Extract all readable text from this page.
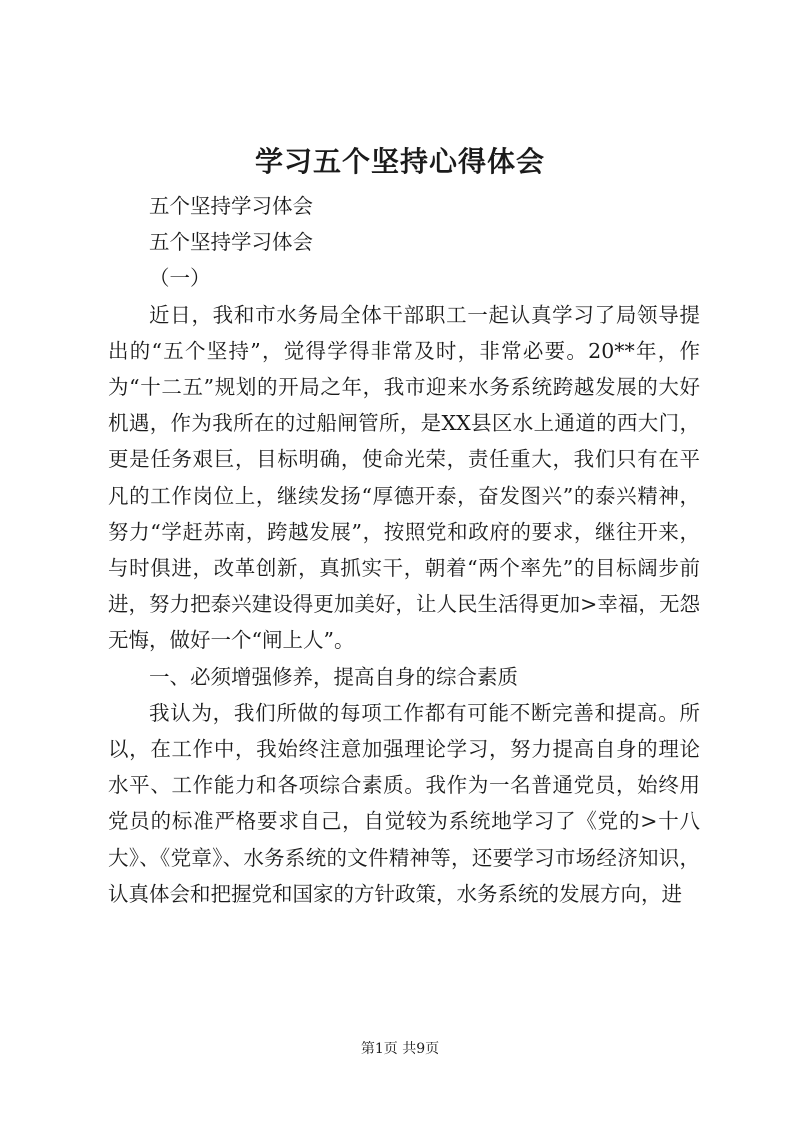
学习五个坚持心得体会

五个坚持学习体会

五个坚持学习体会

（一）

近日，我和市水务局全体干部职工一起认真学习了局领导提出的“五个坚持”，觉得学得非常及时，非常必要。20**年，作为“十二五”规划的开局之年，我市迎来水务系统跨越发展的大好机遇，作为我所在的过船闸管所，是XX县区水上通道的西大门，更是任务艰巨，目标明确，使命光荣，责任重大，我们只有在平凡的工作岗位上，继续发扬“厚德开泰，奋发图兴”的泰兴精神，努力“学赶苏南，跨越发展”，按照党和政府的要求，继往开来，与时俱进，改革创新，真抓实干，朝着“两个率先”的目标阔步前进，努力把泰兴建设得更加美好，让人民生活得更加>幸福，无怨无悔，做好一个“闸上人”。

一、必须增强修养，提高自身的综合素质

我认为，我们所做的每项工作都有可能不断完善和提高。所以，在工作中，我始终注意加强理论学习，努力提高自身的理论水平、工作能力和各项综合素质。我作为一名普通党员，始终用党员的标准严格要求自己，自觉较为系统地学习了《党的>十八大》、《党章》、水务系统的文件精神等，还要学习市场经济知识，认真体会和把握党和国家的方针政策，水务系统的发展方向，进

第1页 共9页
